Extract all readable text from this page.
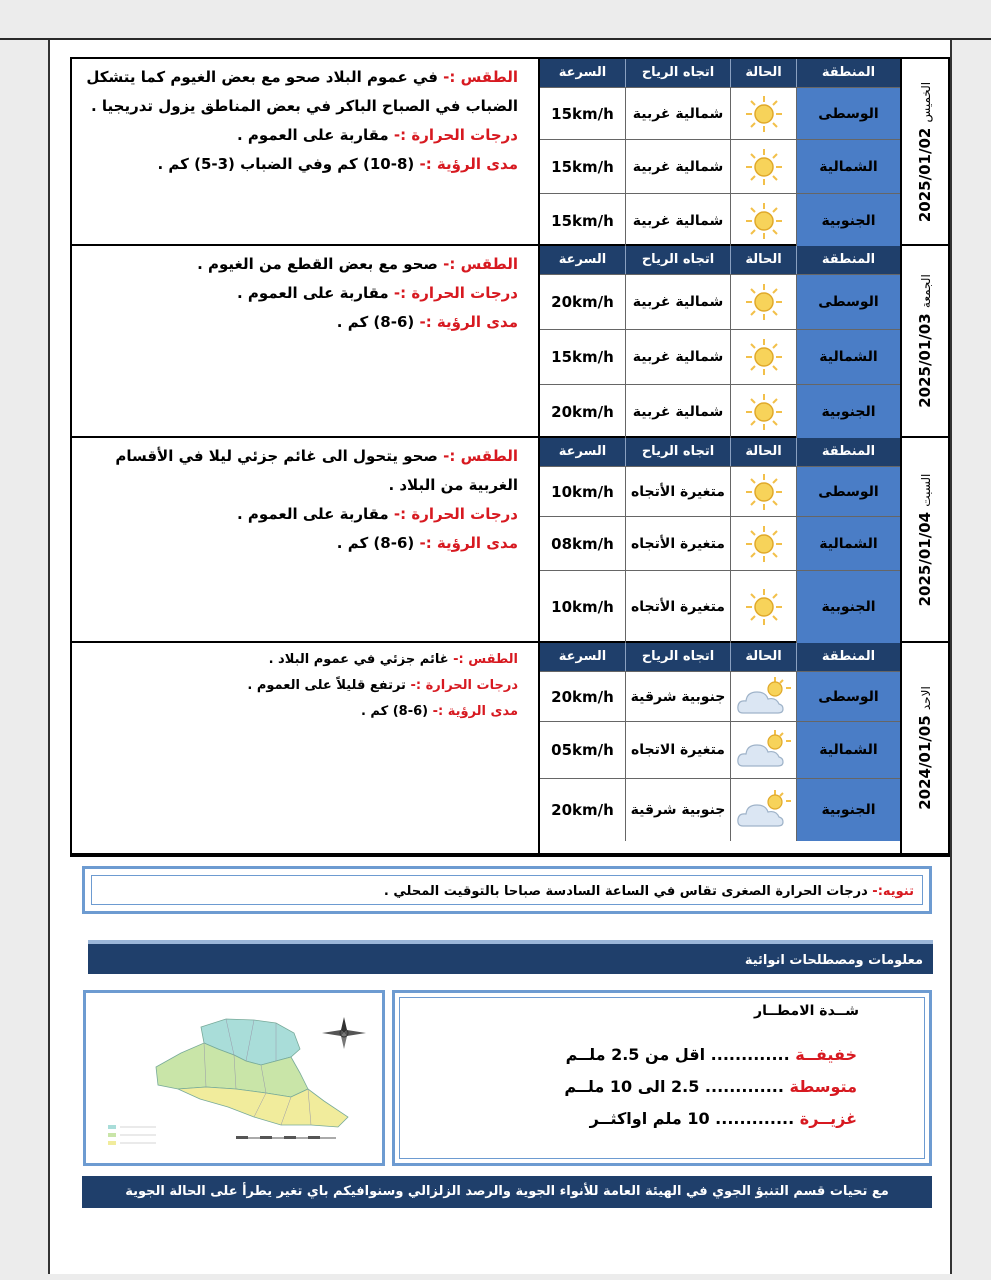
الطقس :- في عموم البلاد صحو مع بعض الغيوم كما يتشكل الضباب في الصباح الباكر في بعض المناطق يزول تدريجيا .
درجات الحرارة :- مقاربة على العموم .
مدى الرؤية :- (8-10) كم وفي الضباب (3-5) كم .
السرعة	اتجاه الرياح	الحالة	المنطقة
15km/h	شمالية غربية	الوسطى
15km/h	شمالية غربية	الشمالية
15km/h	شمالية غربية	الجنوبية	2025/01/02 الخميس
الطقس :- صحو مع بعض القطع من الغيوم .
درجات الحرارة :- مقاربة على العموم .
مدى الرؤية :- (6-8) كم .
السرعة	اتجاه الرياح	الحالة	المنطقة
20km/h	شمالية غربية	الوسطى
15km/h	شمالية غربية	الشمالية
20km/h	شمالية غربية	الجنوبية
2025/01/03 الجمعة
الطقس :- صحو يتحول الى غائم جزئي ليلا في الأقسام الغربية من البلاد .
درجات الحرارة :- مقاربة على العموم .
مدى الرؤية :- (6-8) كم .
السرعة	اتجاه الرياح	الحالة	المنطقة
10km/h	متغيرة الأتجاه	الوسطى
08km/h	متغيرة الأتجاه	الشمالية
10km/h	متغيرة الأتجاه	الجنوبية
2025/01/04 السبت
الطقس :- غائم جزئي في عموم البلاد .
درجات الحرارة :- ترتفع قليلاً على العموم .
مدى الرؤية :- (6-8) كم .
السرعة	اتجاه الرياح	الحالة	المنطقة
20km/h	جنوبية شرقية	الوسطى
05km/h	متغيرة الاتجاه	الشمالية
20km/h	جنوبية شرقية	الجنوبية
2024/01/05 الاحد
تنويه:- درجات الحرارة الصغرى تقاس في الساعة السادسة صباحا بالتوقيت المحلي .
معلومات ومصطلحات انوائية
شــدة الامطــار
خفيفــة ............. اقل من 2.5 ملــم
متوسطة ............. 2.5 الى 10 ملــم
غزيــرة ............. 10 ملم اواكثــر
مع تحيات قسم التنبؤ الجوي في الهيئة العامة للأنواء الجوية والرصد الزلزالي وسنوافيكم باي تغير يطرأ على الحالة الجوية
